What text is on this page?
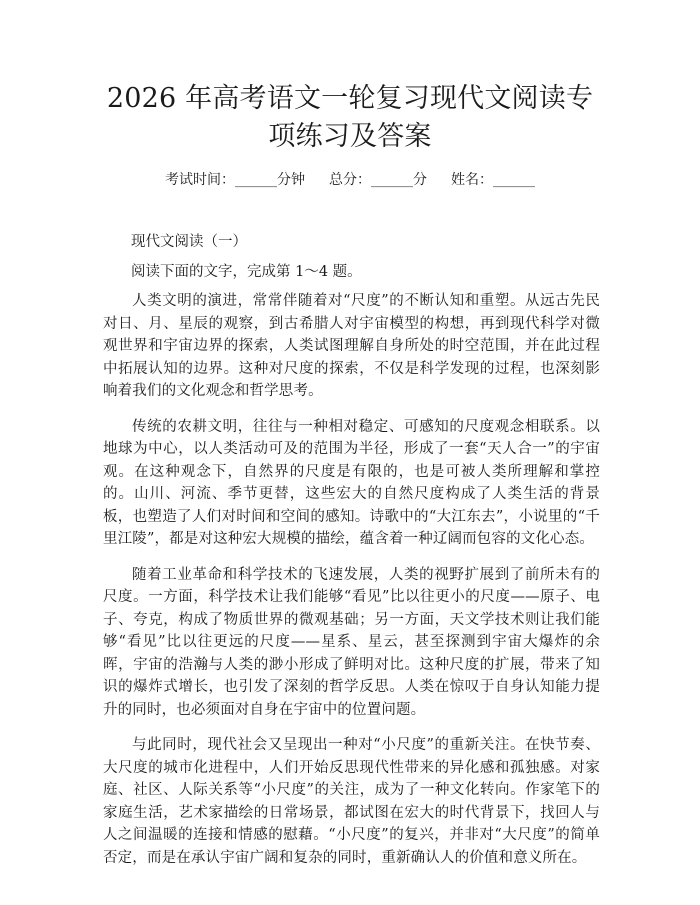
2026 年高考语文一轮复习现代文阅读专项练习及答案
考试时间：______分钟 总分：______分 姓名：______
现代文阅读（一）
阅读下面的文字，完成第 1～4 题。

人类文明的演进，常常伴随着对“尺度”的不断认知和重塑。从远古先民对日、月、星辰的观察，到古希腊人对宇宙模型的构想，再到现代科学对微观世界和宇宙边界的探索，人类试图理解自身所处的时空范围，并在此过程中拓展认知的边界。这种对尺度的探索，不仅是科学发现的过程，也深刻影响着我们的文化观念和哲学思考。

传统的农耕文明，往往与一种相对稳定、可感知的尺度观念相联系。以地球为中心，以人类活动可及的范围为半径，形成了一套“天人合一”的宇宙观。在这种观念下，自然界的尺度是有限的，也是可被人类所理解和掌控的。山川、河流、季节更替，这些宏大的自然尺度构成了人类生活的背景板，也塑造了人们对时间和空间的感知。诗歌中的“大江东去”，小说里的“千里江陵”，都是对这种宏大规模的描绘，蕴含着一种辽阔而包容的文化心态。

随着工业革命和科学技术的飞速发展，人类的视野扩展到了前所未有的尺度。一方面，科学技术让我们能够“看见”比以往更小的尺度——原子、电子、夸克，构成了物质世界的微观基础；另一方面，天文学技术则让我们能够“看见”比以往更远的尺度——星系、星云，甚至探测到宇宙大爆炸的余晖，宇宙的浩瀚与人类的渺小形成了鲜明对比。这种尺度的扩展，带来了知识的爆炸式增长，也引发了深刻的哲学反思。人类在惊叹于自身认知能力提升的同时，也必须面对自身在宇宙中的位置问题。

与此同时，现代社会又呈现出一种对“小尺度”的重新关注。在快节奏、大尺度的城市化进程中，人们开始反思现代性带来的异化感和孤独感。对家庭、社区、人际关系等“小尺度”的关注，成为了一种文化转向。作家笔下的家庭生活，艺术家描绘的日常场景，都试图在宏大的时代背景下，找回人与人之间温暖的连接和情感的慰藉。“小尺度”的复兴，并非对“大尺度”的简单否定，而是在承认宇宙广阔和复杂的同时，重新确认人的价值和意义所在。
